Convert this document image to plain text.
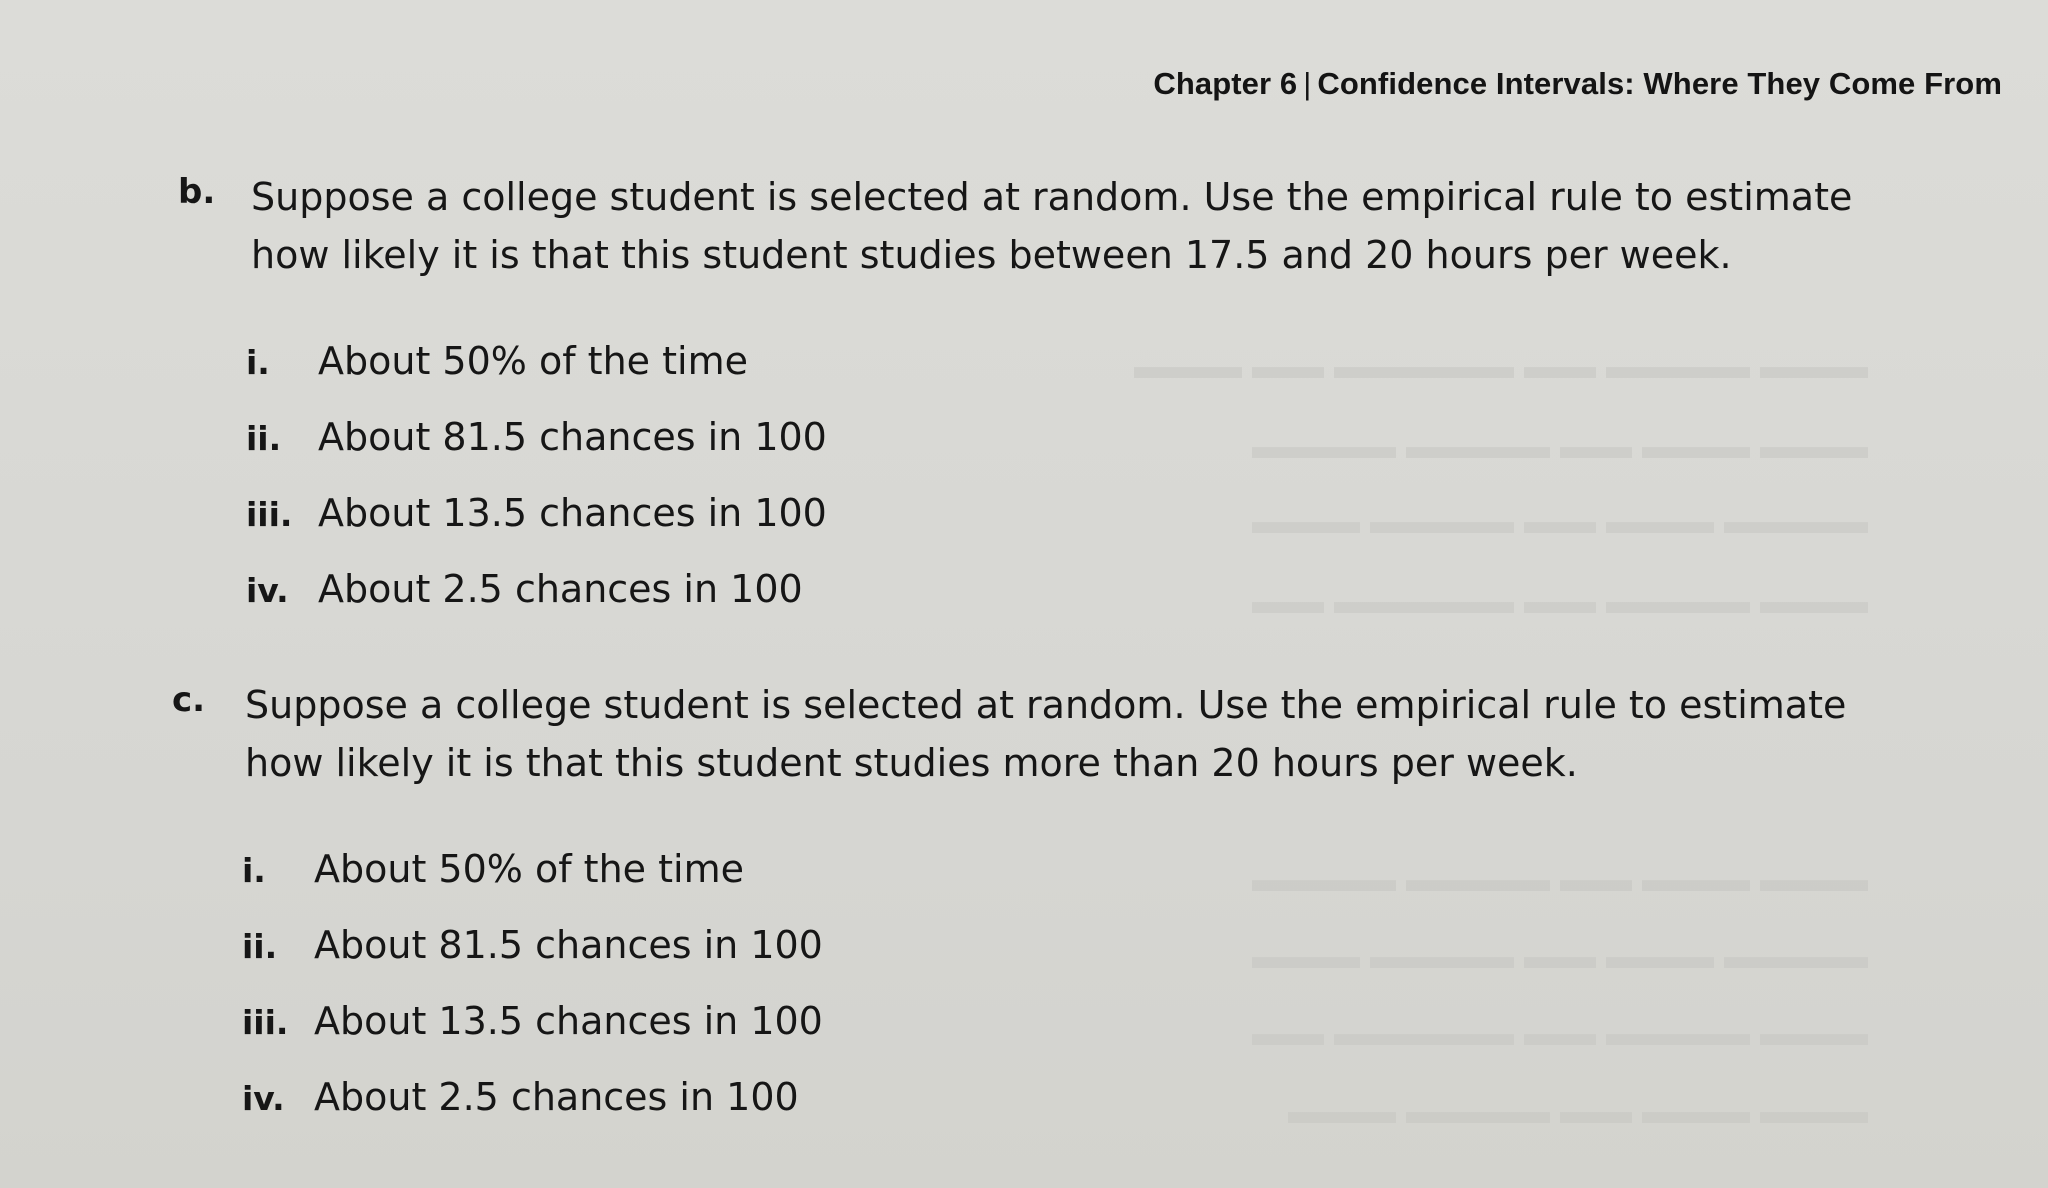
▬▬▬ ▬▬▬▬ ▬▬ ▬▬▬▬▬ ▬▬ ▬▬▬
▬▬▬ ▬▬▬ ▬▬ ▬▬▬▬ ▬▬▬▬
▬▬▬▬ ▬▬▬ ▬▬ ▬▬▬▬ ▬▬▬
▬▬▬ ▬▬▬▬ ▬▬ ▬▬▬▬▬ ▬▬
▬▬▬ ▬▬▬ ▬▬ ▬▬▬▬ ▬▬▬▬
▬▬▬▬ ▬▬▬ ▬▬ ▬▬▬▬ ▬▬▬
▬▬▬ ▬▬▬▬ ▬▬ ▬▬▬▬▬ ▬▬
▬▬▬ ▬▬▬ ▬▬ ▬▬▬▬ ▬▬▬
Chapter 6 | Confidence Intervals: Where They Come From
b. Suppose a college student is selected at random. Use the empirical rule to estimate how likely it is that this student studies between 17.5 and 20 hours per week.
i. About 50% of the time
ii. About 81.5 chances in 100
iii. About 13.5 chances in 100
iv. About 2.5 chances in 100
c. Suppose a college student is selected at random. Use the empirical rule to estimate how likely it is that this student studies more than 20 hours per week.
i. About 50% of the time
ii. About 81.5 chances in 100
iii. About 13.5 chances in 100
iv. About 2.5 chances in 100
